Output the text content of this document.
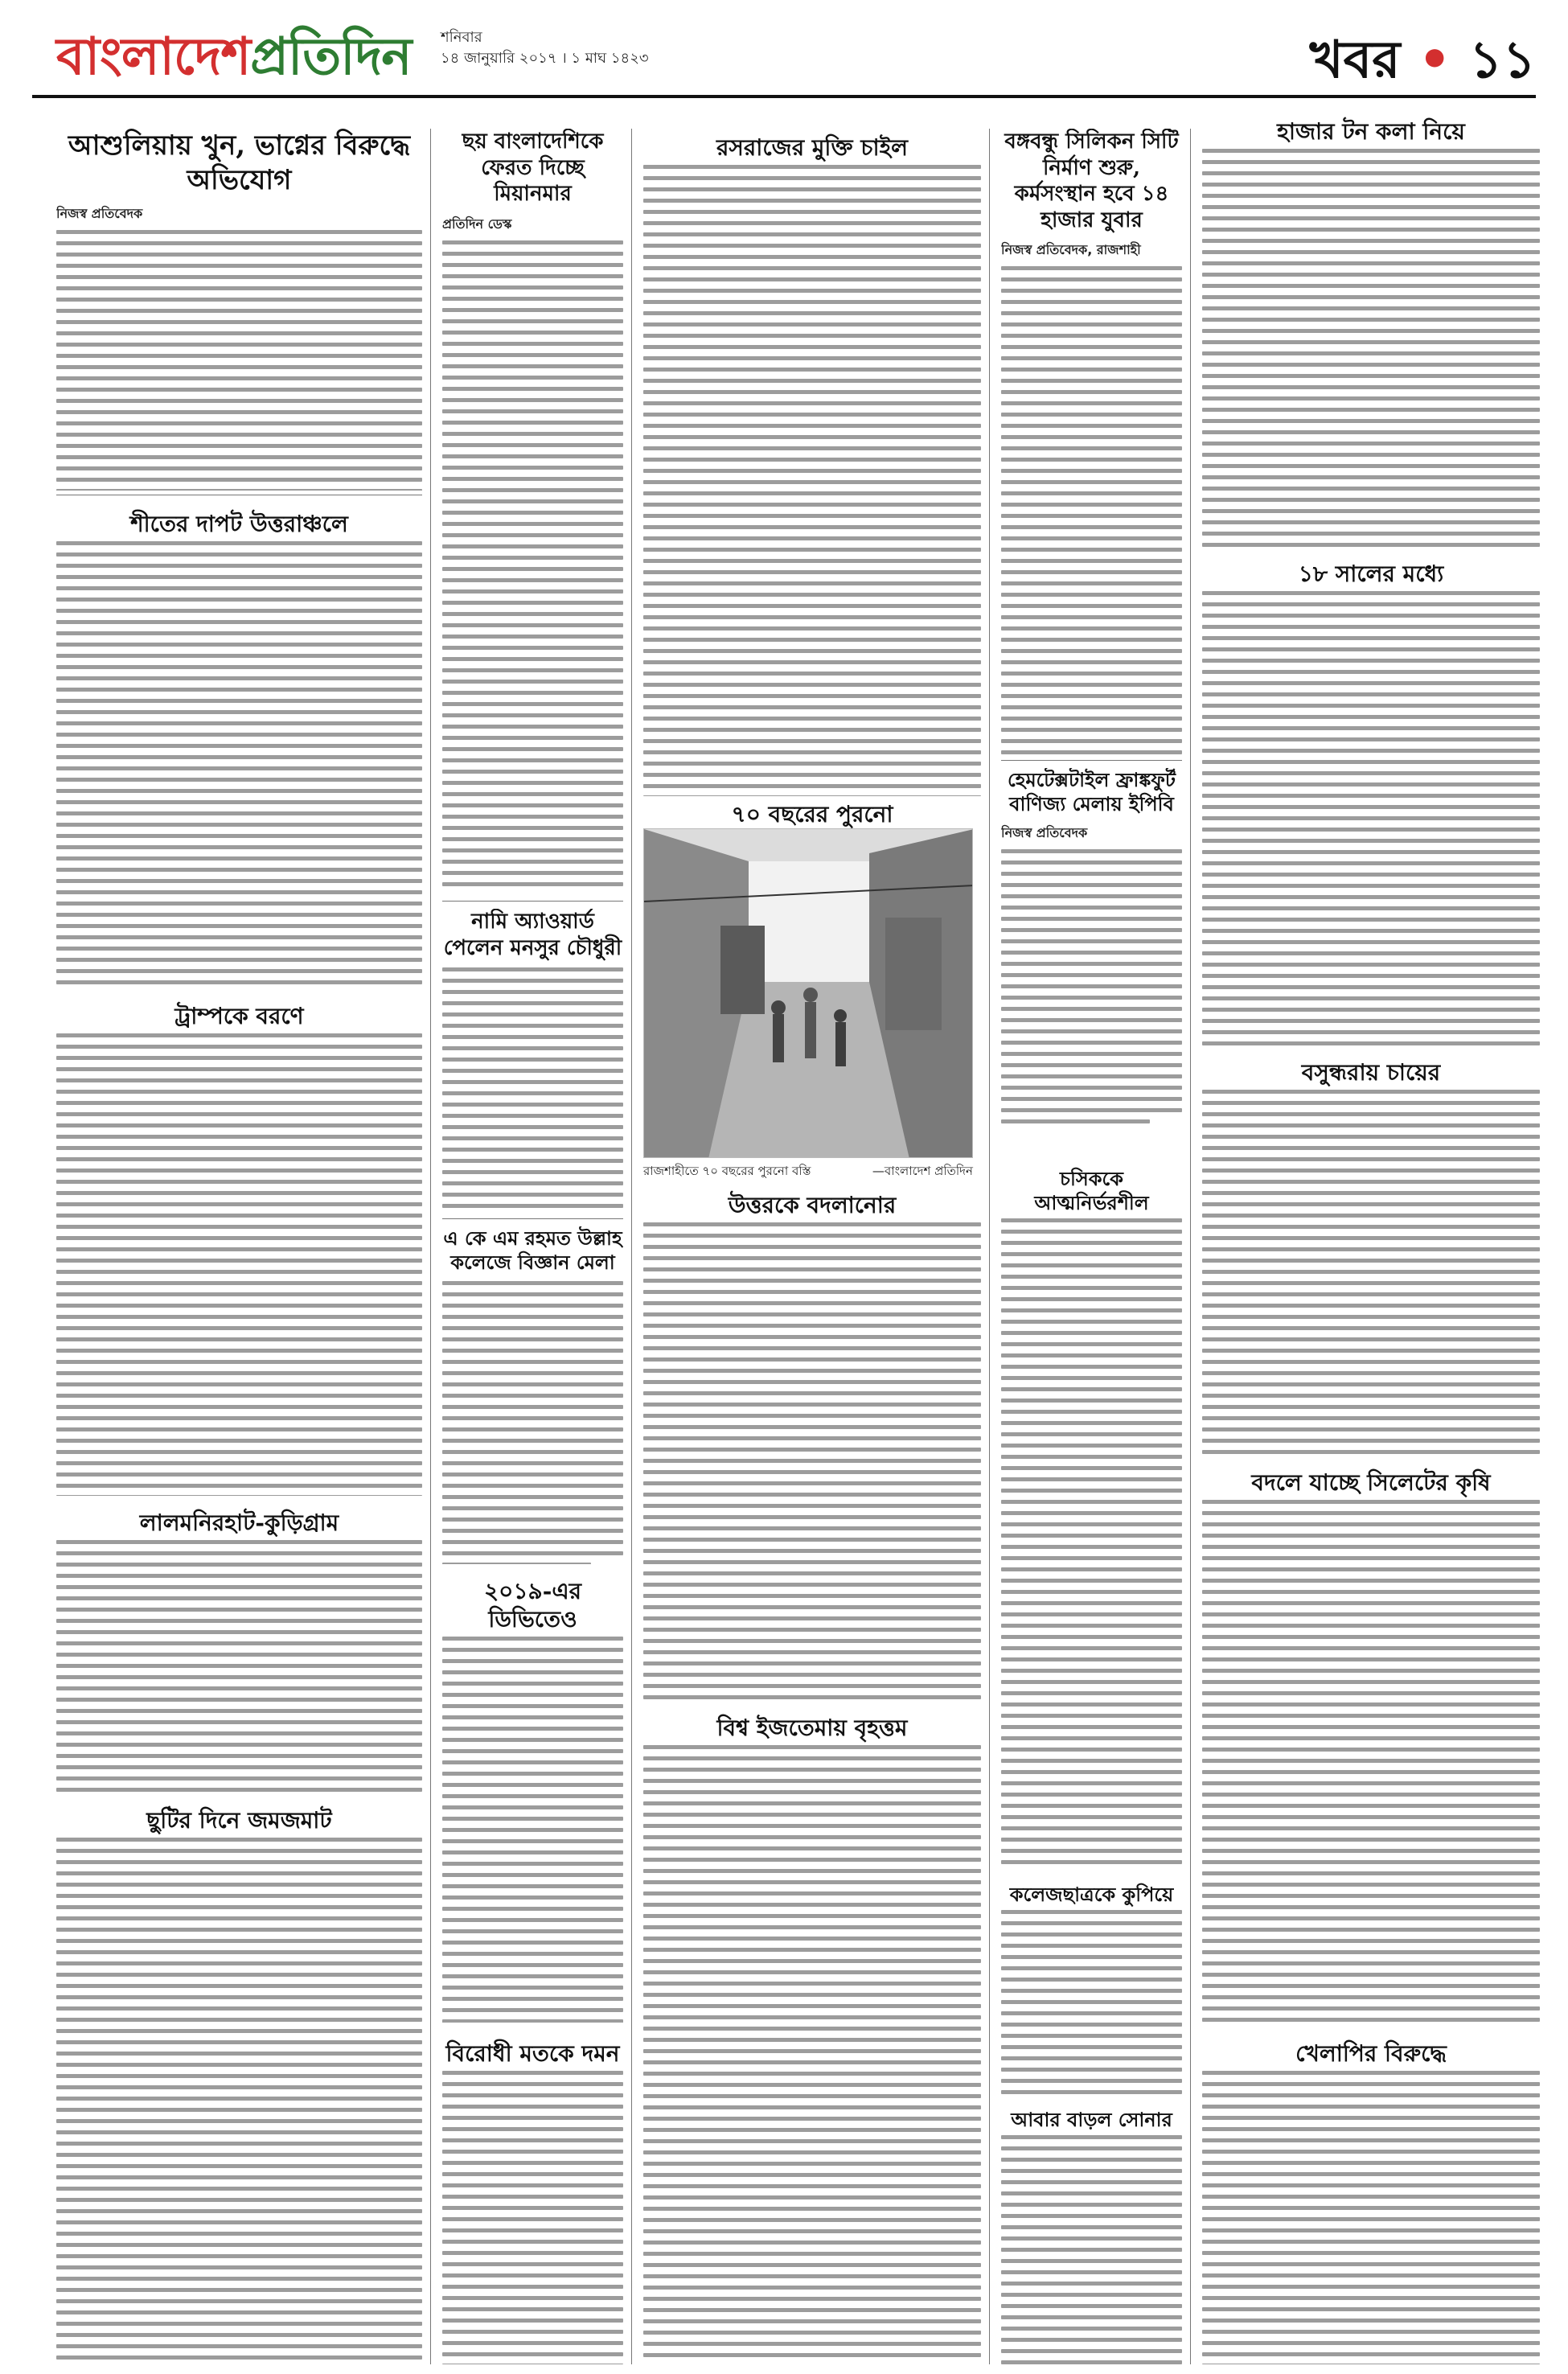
বাংলাদেশপ্রতিদিন শনিবার
১৪ জানুয়ারি ২০১৭ । ১ মাঘ ১৪২৩	খবর • ১১
আশুলিয়ায় খুন, ভাগ্নের বিরুদ্ধে অভিযোগ
নিজস্ব প্রতিবেদক
শীতের দাপট উত্তরাঞ্চলে
ট্রাম্পকে বরণে
লালমনিরহাট-কুড়িগ্রাম
ছুটির দিনে জমজমাট
ছয় বাংলাদেশিকে ফেরত দিচ্ছে মিয়ানমার
প্রতিদিন ডেস্ক
নামি অ্যাওয়ার্ড পেলেন মনসুর চৌধুরী
এ কে এম রহমত উল্লাহ কলেজে বিজ্ঞান মেলা
২০১৯-এর ডিভিতেও
বিরোধী মতকে দমন
রসরাজের মুক্তি চাইল
৭০ বছরের পুরনো
রাজশাহীতে ৭০ বছরের পুরনো বস্তি	—বাংলাদেশ প্রতিদিন
উত্তরকে বদলানোর
বিশ্ব ইজতেমায় বৃহত্তম
বঙ্গবন্ধু সিলিকন সিটি নির্মাণ শুরু, কর্মসংস্থান হবে ১৪ হাজার যুবার
নিজস্ব প্রতিবেদক, রাজশাহী
হেমটেক্সটাইল ফ্রাঙ্কফুর্ট বাণিজ্য মেলায় ইপিবি
নিজস্ব প্রতিবেদক
চসিককে আত্মনির্ভরশীল
কলেজছাত্রকে কুপিয়ে
আবার বাড়ল সোনার
হাজার টন কলা নিয়ে
১৮ সালের মধ্যে
বসুন্ধরায় চায়ের
বদলে যাচ্ছে সিলেটের কৃষি
খেলাপির বিরুদ্ধে
